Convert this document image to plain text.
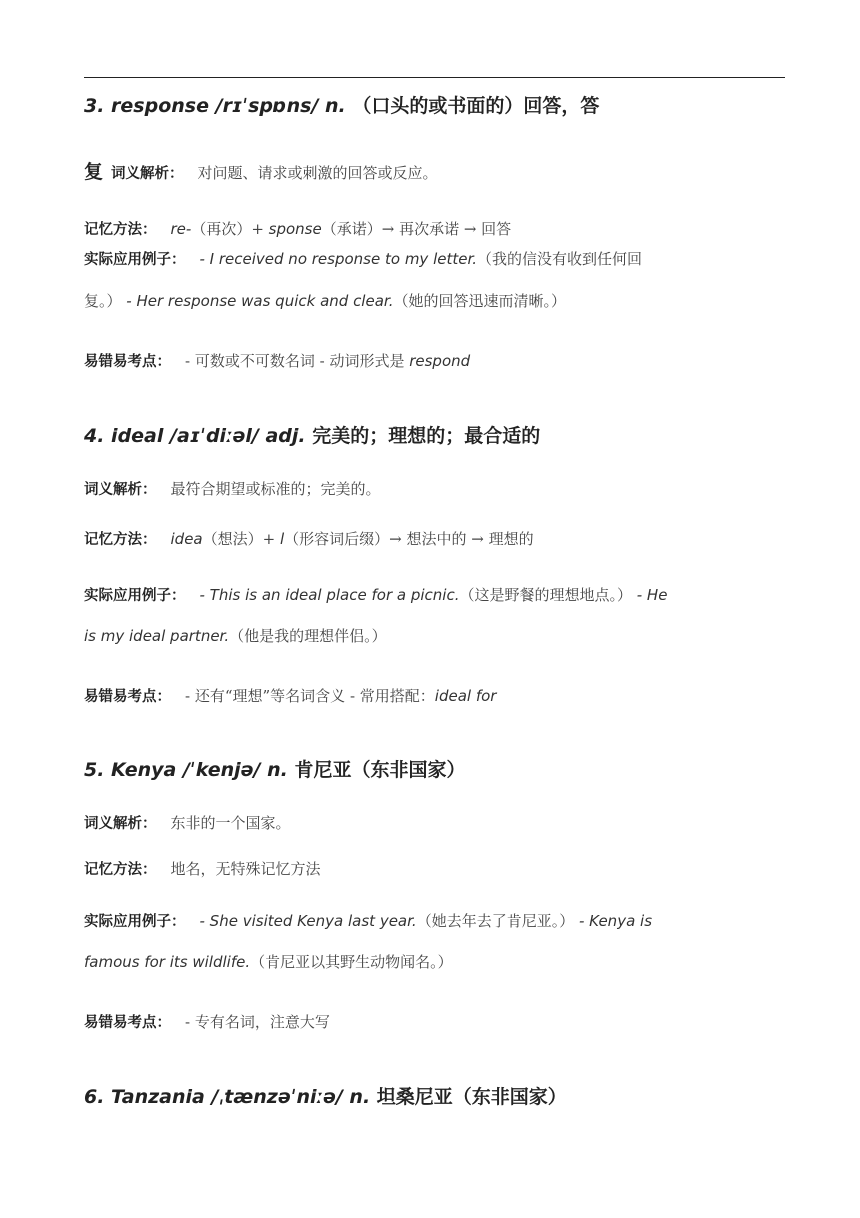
3. response /rɪˈspɒns/ n. （口头的或书面的）回答，答
复 词义解析： 对问题、请求或刺激的回答或反应。
记忆方法： re-（再次）+ sponse（承诺）→ 再次承诺 → 回答
实际应用例子： - I received no response to my letter.（我的信没有收到任何回
复。） - Her response was quick and clear.（她的回答迅速而清晰。）
易错易考点： - 可数或不可数名词 - 动词形式是 respond
4. ideal /aɪˈdiːəl/ adj. 完美的；理想的；最合适的
词义解析： 最符合期望或标准的；完美的。
记忆方法： idea（想法）+ l（形容词后缀）→ 想法中的 → 理想的
实际应用例子： - This is an ideal place for a picnic.（这是野餐的理想地点。） - He
is my ideal partner.（他是我的理想伴侣。）
易错易考点： - 还有“理想”等名词含义 - 常用搭配：ideal for
5. Kenya /ˈkenjə/ n. 肯尼亚（东非国家）
词义解析： 东非的一个国家。
记忆方法： 地名，无特殊记忆方法
实际应用例子： - She visited Kenya last year.（她去年去了肯尼亚。） - Kenya is
famous for its wildlife.（肯尼亚以其野生动物闻名。）
易错易考点： - 专有名词，注意大写
6. Tanzania /ˌtænzəˈniːə/ n. 坦桑尼亚（东非国家）
